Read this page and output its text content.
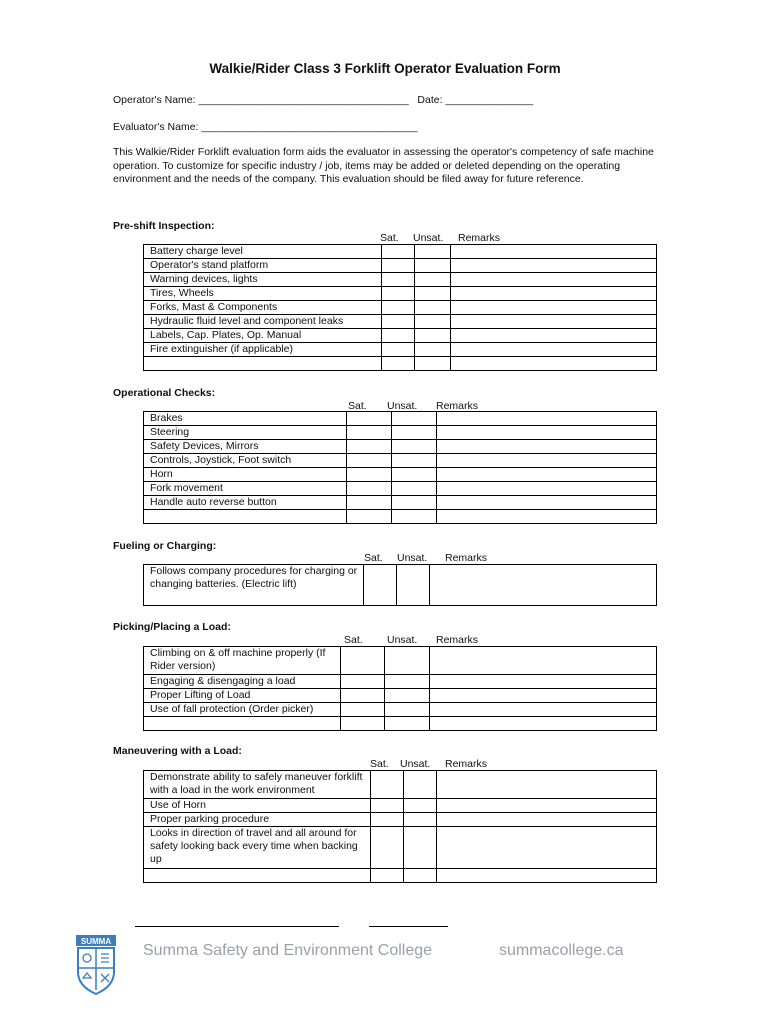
Walkie/Rider Class 3 Forklift Operator Evaluation Form
Operator's Name: ____________________________________   Date: _______________
Evaluator's Name: _____________________________________
This Walkie/Rider Forklift evaluation form aids the evaluator in assessing the operator's competency of safe machine operation. To customize for specific industry / job, items may be added or deleted depending on the operating environment and the needs of the company. This evaluation should be filed away for future reference.
Pre-shift Inspection:
Sat. Unsat. Remarks
Battery charge level			
Operator's stand platform			
Warning devices, lights			
Tires, Wheels			
Forks, Mast & Components			
Hydraulic fluid level and component leaks			
Labels, Cap. Plates, Op. Manual			
Fire extinguisher (if applicable)			

Operational Checks:
Sat. Unsat. Remarks
Brakes			
Steering			
Safety Devices, Mirrors			
Controls, Joystick, Foot switch			
Horn			
Fork movement			
Handle auto reverse button			

Fueling or Charging:
Sat. Unsat. Remarks
Follows company procedures for charging or changing batteries. (Electric lift)			
Picking/Placing a Load:
Sat. Unsat. Remarks
Climbing on & off machine properly (If Rider version)			
Engaging & disengaging a load			
Proper Lifting of Load			
Use of fall protection (Order picker)			

Maneuvering with a Load:
Sat. Unsat. Remarks
Demonstrate ability to safely maneuver forklift with a load in the work environment			
Use of Horn			
Proper parking procedure			
Looks in direction of travel and all around for safety looking back every time when backing up			

SUMMA
Summa Safety and Environment College	summacollege.ca
